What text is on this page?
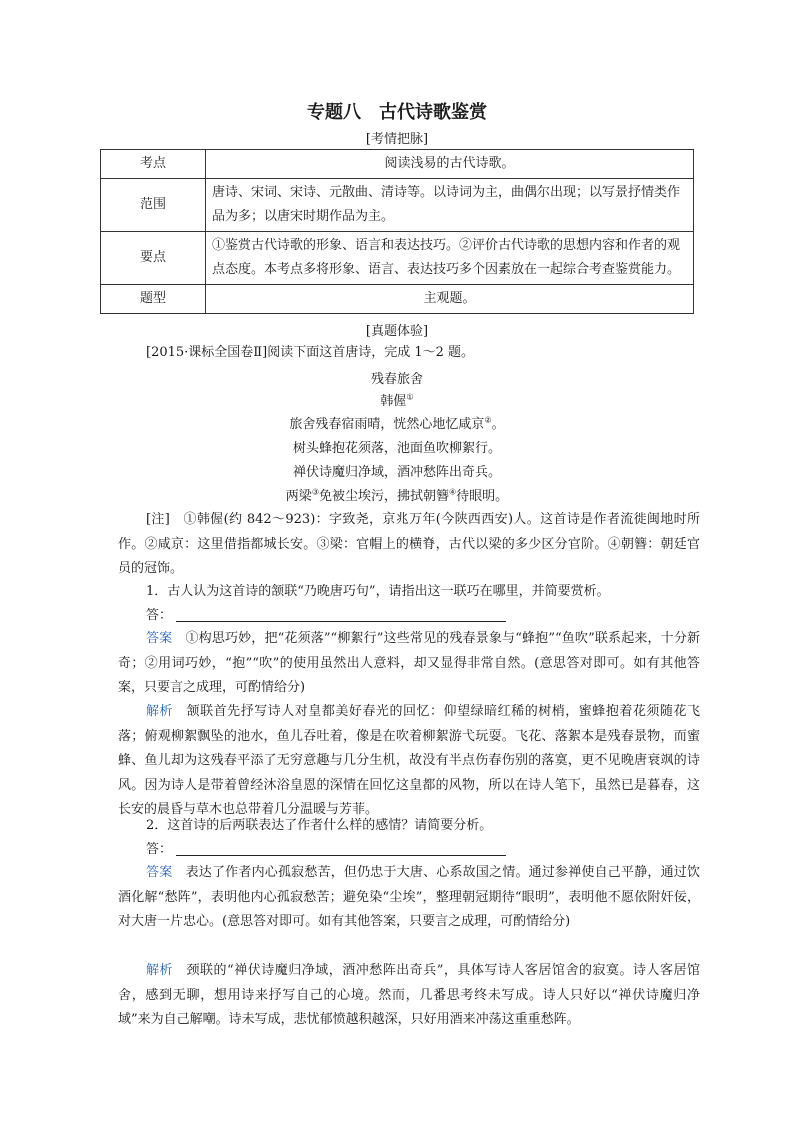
专题八　古代诗歌鉴赏
[考情把脉]
考点	阅读浅易的古代诗歌。
范围	唐诗、宋词、宋诗、元散曲、清诗等。以诗词为主，曲偶尔出现；以写景抒情类作品为多；以唐宋时期作品为主。
要点	①鉴赏古代诗歌的形象、语言和表达技巧。②评价古代诗歌的思想内容和作者的观点态度。本考点多将形象、语言、表达技巧多个因素放在一起综合考查鉴赏能力。
题型	主观题。
[真题体验]
[2015·课标全国卷Ⅱ]阅读下面这首唐诗，完成 1～2 题。
残春旅舍
韩偓①
旅舍残春宿雨晴，恍然心地忆咸京②。
树头蜂抱花须落，池面鱼吹柳絮行。
禅伏诗魔归净域，酒冲愁阵出奇兵。
两梁③免被尘埃污，拂拭朝簪④待眼明。
[注]　①韩偓(约 842～923)：字致尧，京兆万年(今陕西西安)人。这首诗是作者流徙闽地时所作。②咸京：这里借指都城长安。③梁：官帽上的横脊，古代以梁的多少区分官阶。④朝簪：朝廷官员的冠饰。
1．古人认为这首诗的颔联“乃晚唐巧句”，请指出这一联巧在哪里，并简要赏析。
答：
答案　 ①构思巧妙，把“花须落”“柳絮行”这些常见的残春景象与“蜂抱”“鱼吹”联系起来，十分新奇；②用词巧妙，“抱”“吹”的使用虽然出人意料，却又显得非常自然。(意思答对即可。如有其他答案，只要言之成理，可酌情给分)
解析　 颔联首先抒写诗人对皇都美好春光的回忆：仰望绿暗红稀的树梢，蜜蜂抱着花须随花飞落；俯观柳絮飘坠的池水，鱼儿吞吐着，像是在吹着柳絮游弋玩耍。飞花、落絮本是残春景物，而蜜蜂、鱼儿却为这残春平添了无穷意趣与几分生机，故没有半点伤春伤别的落寞，更不见晚唐衰飒的诗风。因为诗人是带着曾经沐浴皇恩的深情在回忆这皇都的风物，所以在诗人笔下，虽然已是暮春，这长安的晨昏与草木也总带着几分温暖与芳菲。
2．这首诗的后两联表达了作者什么样的感情？请简要分析。
答：
答案　 表达了作者内心孤寂愁苦，但仍忠于大唐、心系故国之情。通过参禅使自己平静，通过饮酒化解“愁阵”，表明他内心孤寂愁苦；避免染“尘埃”，整理朝冠期待“眼明”，表明他不愿依附奸佞，对大唐一片忠心。(意思答对即可。如有其他答案，只要言之成理，可酌情给分)
解析　 颈联的“禅伏诗魔归净域，酒冲愁阵出奇兵”，具体写诗人客居馆舍的寂寞。诗人客居馆舍，感到无聊，想用诗来抒写自己的心境。然而，几番思考终未写成。诗人只好以“禅伏诗魔归净域”来为自己解嘲。诗未写成，悲忧郁愤越积越深，只好用酒来冲荡这重重愁阵。
